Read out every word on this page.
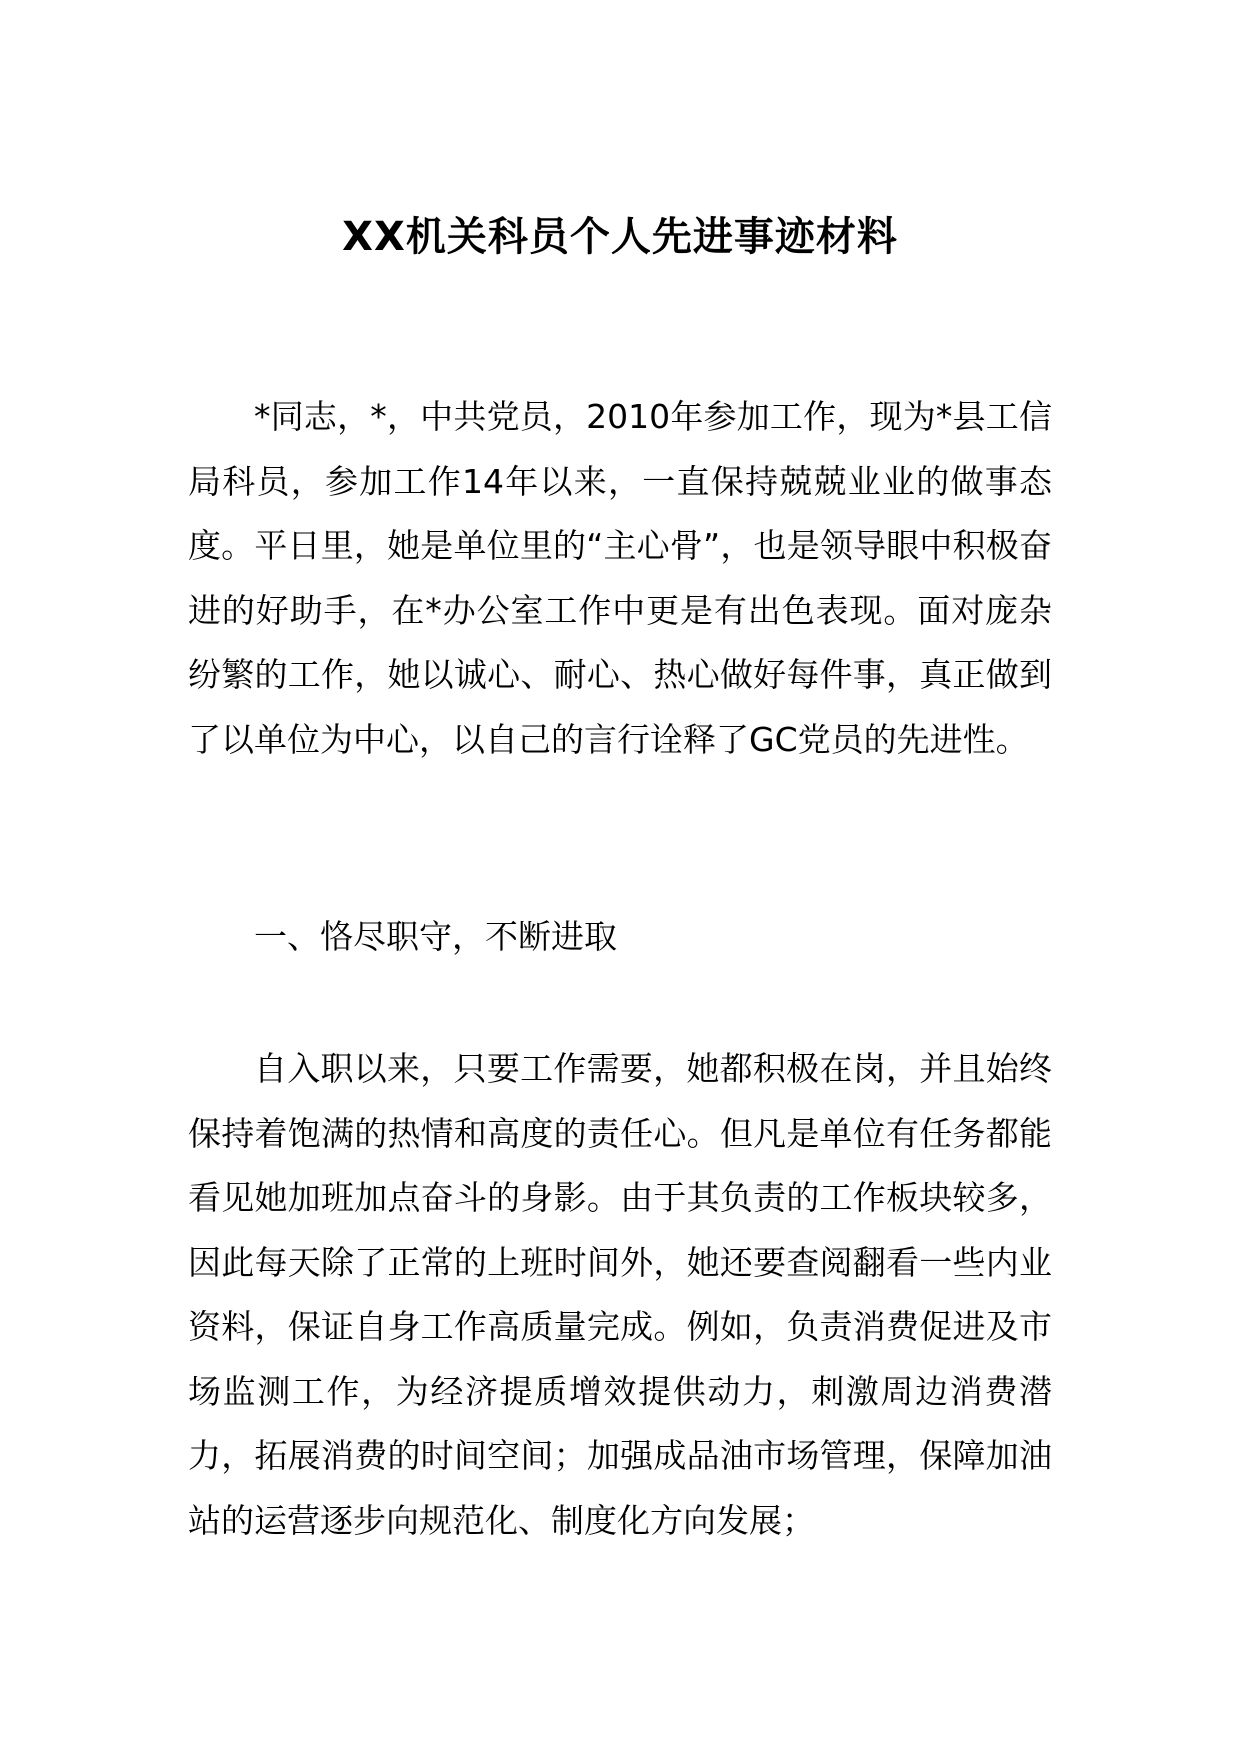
XX机关科员个人先进事迹材料

*同志，*，中共党员，2010年参加工作，现为*县工信局科员，参加工作14年以来，一直保持兢兢业业的做事态度。平日里，她是单位里的“主心骨”，也是领导眼中积极奋进的好助手，在*办公室工作中更是有出色表现。面对庞杂纷繁的工作，她以诚心、耐心、热心做好每件事，真正做到了以单位为中心，以自己的言行诠释了GC党员的先进性。

一、恪尽职守，不断进取

自入职以来，只要工作需要，她都积极在岗，并且始终保持着饱满的热情和高度的责任心。但凡是单位有任务都能看见她加班加点奋斗的身影。由于其负责的工作板块较多，因此每天除了正常的上班时间外，她还要查阅翻看一些内业资料，保证自身工作高质量完成。例如，负责消费促进及市场监测工作，为经济提质增效提供动力，刺激周边消费潜力，拓展消费的时间空间；加强成品油市场管理，保障加油站的运营逐步向规范化、制度化方向发展；
